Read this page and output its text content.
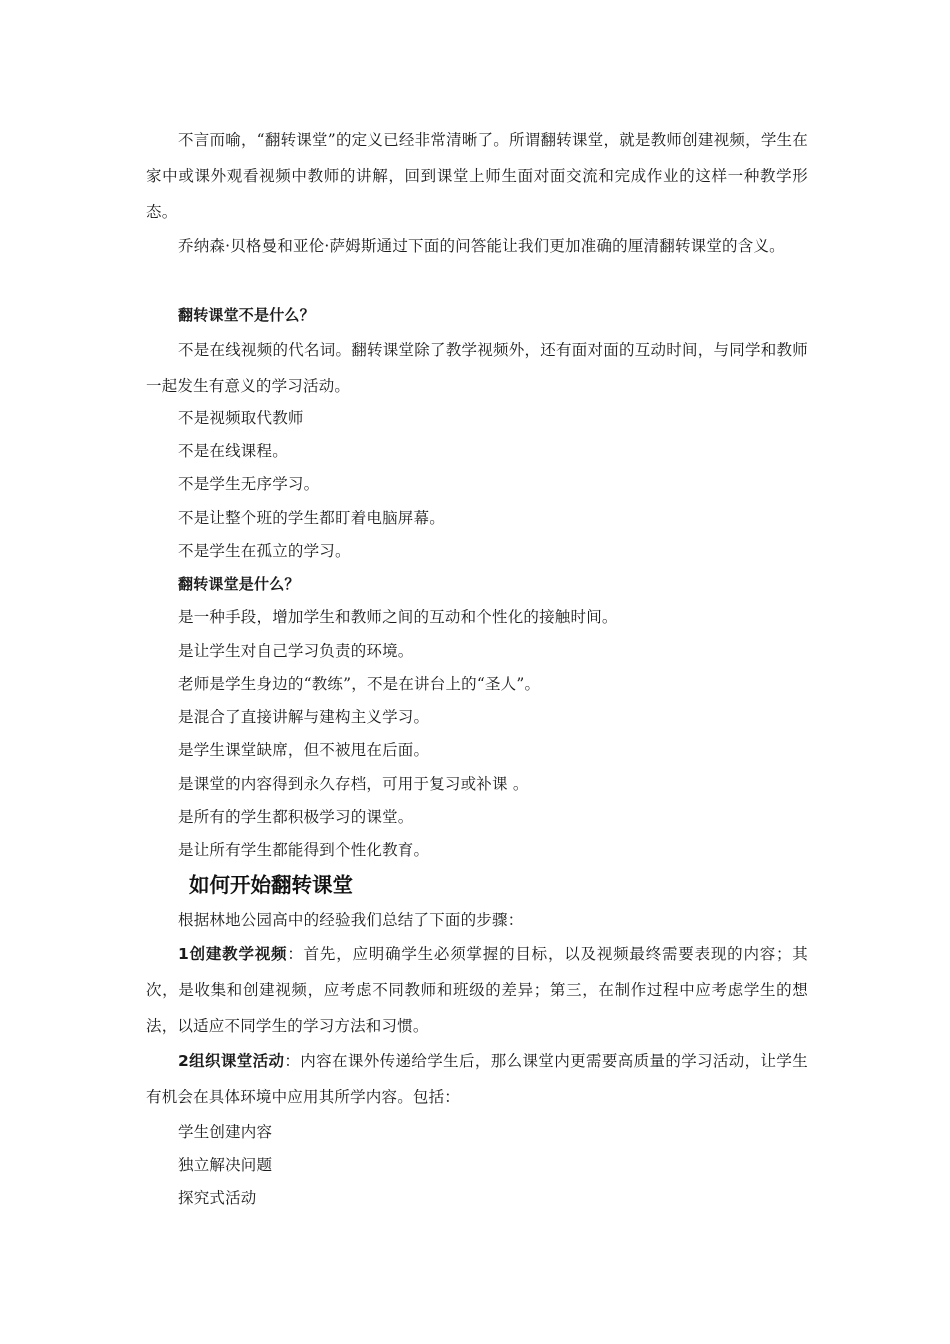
不言而喻，“翻转课堂”的定义已经非常清晰了。所谓翻转课堂，就是教师创建视频，学生在家中或课外观看视频中教师的讲解，回到课堂上师生面对面交流和完成作业的这样一种教学形态。

乔纳森·贝格曼和亚伦·萨姆斯通过下面的问答能让我们更加准确的厘清翻转课堂的含义。

翻转课堂不是什么？

不是在线视频的代名词。翻转课堂除了教学视频外，还有面对面的互动时间，与同学和教师一起发生有意义的学习活动。

不是视频取代教师

不是在线课程。

不是学生无序学习。

不是让整个班的学生都盯着电脑屏幕。

不是学生在孤立的学习。

翻转课堂是什么？

是一种手段，增加学生和教师之间的互动和个性化的接触时间。

是让学生对自己学习负责的环境。

老师是学生身边的“教练”，不是在讲台上的“圣人”。

是混合了直接讲解与建构主义学习。

是学生课堂缺席，但不被甩在后面。

是课堂的内容得到永久存档，可用于复习或补课 。

是所有的学生都积极学习的课堂。

是让所有学生都能得到个性化教育。

如何开始翻转课堂

根据林地公园高中的经验我们总结了下面的步骤：

1创建教学视频：首先，应明确学生必须掌握的目标，以及视频最终需要表现的内容；其次，是收集和创建视频，应考虑不同教师和班级的差异；第三，在制作过程中应考虑学生的想法，以适应不同学生的学习方法和习惯。

2组织课堂活动：内容在课外传递给学生后，那么课堂内更需要高质量的学习活动，让学生有机会在具体环境中应用其所学内容。包括：

学生创建内容

独立解决问题

探究式活动
